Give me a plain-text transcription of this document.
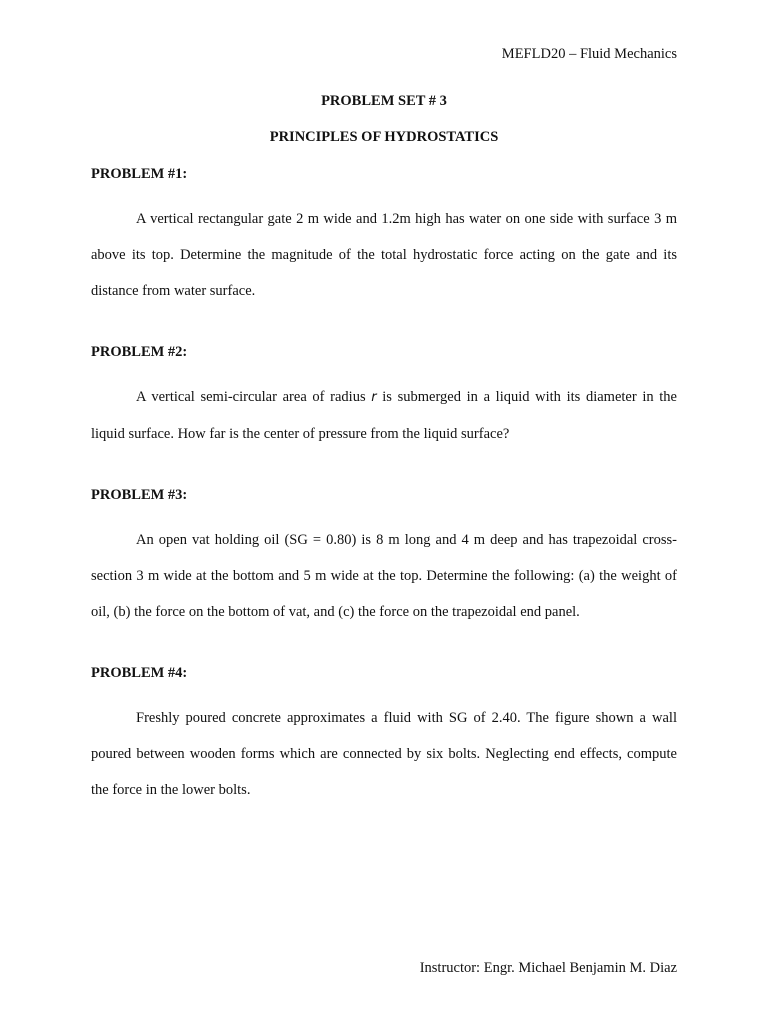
MEFLD20 – Fluid Mechanics
PROBLEM SET # 3
PRINCIPLES OF HYDROSTATICS

PROBLEM #1:

A vertical rectangular gate 2 m wide and 1.2m high has water on one side with surface 3 m above its top. Determine the magnitude of the total hydrostatic force acting on the gate and its distance from water surface.

PROBLEM #2:

A vertical semi-circular area of radius r is submerged in a liquid with its diameter in the liquid surface. How far is the center of pressure from the liquid surface?

PROBLEM #3:

An open vat holding oil (SG = 0.80) is 8 m long and 4 m deep and has trapezoidal cross-section 3 m wide at the bottom and 5 m wide at the top. Determine the following: (a) the weight of oil, (b) the force on the bottom of vat, and (c) the force on the trapezoidal end panel.

PROBLEM #4:

Freshly poured concrete approximates a fluid with SG of 2.40. The figure shown a wall poured between wooden forms which are connected by six bolts. Neglecting end effects, compute the force in the lower bolts.

Instructor: Engr. Michael Benjamin M. Diaz
